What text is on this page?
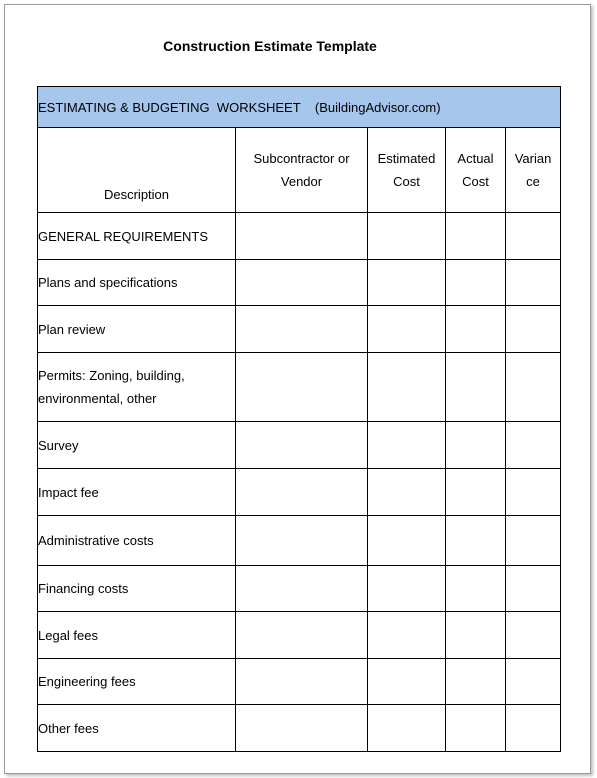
Construction Estimate Template
ESTIMATING & BUDGETING  WORKSHEET    (BuildingAdvisor.com)				
Description	Subcontractor or Vendor	Estimated Cost	Actual Cost	Variance
GENERAL REQUIREMENTS				
Plans and specifications				
Plan review				
Permits: Zoning, building, environmental, other				
Survey				
Impact fee				
Administrative costs				
Financing costs				
Legal fees				
Engineering fees				
Other fees				
